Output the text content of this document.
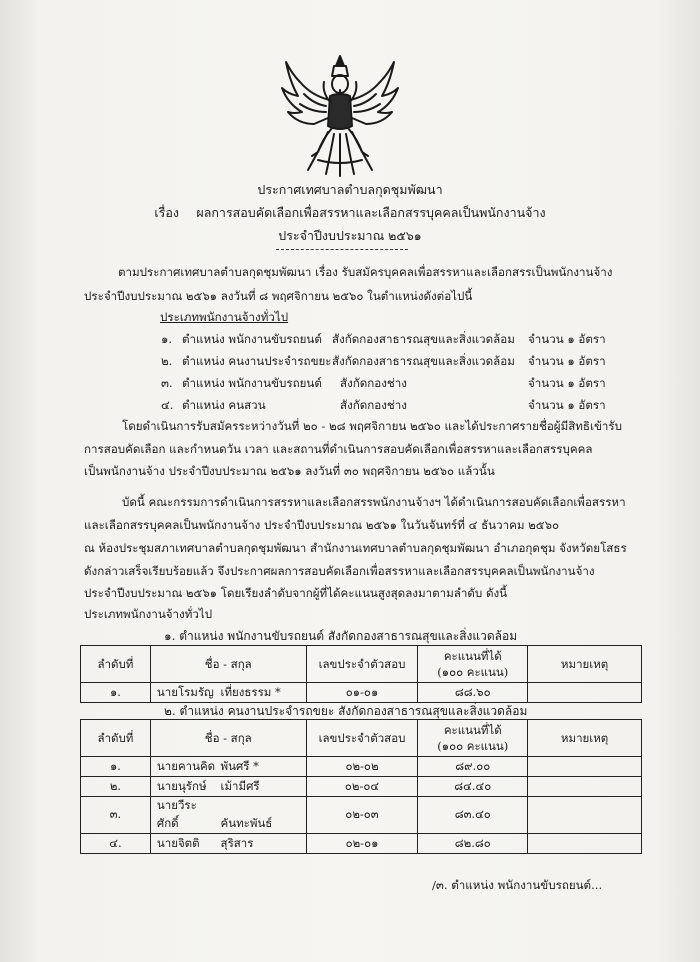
ประกาศเทศบาลตำบลกุดชุมพัฒนา
เรื่อง ผลการสอบคัดเลือกเพื่อสรรหาและเลือกสรรบุคคลเป็นพนักงานจ้าง
ประจำปีงบประมาณ ๒๕๖๑
ตามประกาศเทศบาลตำบลกุดชุมพัฒนา เรื่อง รับสมัครบุคคลเพื่อสรรหาและเลือกสรรเป็นพนักงานจ้าง
ประจำปีงบประมาณ ๒๕๖๑ ลงวันที่ ๘ พฤศจิกายน ๒๕๖๐ ในตำแหน่งดังต่อไปนี้
ประเภทพนักงานจ้างทั่วไป
๑. ตำแหน่ง พนักงานขับรถยนต์ สังกัดกองสาธารณสุขและสิ่งแวดล้อม จำนวน ๑ อัตรา
๒. ตำแหน่ง คนงานประจำรถขยะ สังกัดกองสาธารณสุขและสิ่งแวดล้อม จำนวน ๑ อัตรา
๓. ตำแหน่ง พนักงานขับรถยนต์ สังกัดกองช่าง	จำนวน ๑ อัตรา
๔. ตำแหน่ง คนสวน	สังกัดกองช่าง	จำนวน ๑ อัตรา
โดยดำเนินการรับสมัครระหว่างวันที่ ๒๐ - ๒๘ พฤศจิกายน ๒๕๖๐ และได้ประกาศรายชื่อผู้มีสิทธิเข้ารับ
การสอบคัดเลือก และกำหนดวัน เวลา และสถานที่ดำเนินการสอบคัดเลือกเพื่อสรรหาและเลือกสรรบุคคล
เป็นพนักงานจ้าง ประจำปีงบประมาณ ๒๕๖๑ ลงวันที่ ๓๐ พฤศจิกายน ๒๕๖๐ แล้วนั้น
บัดนี้ คณะกรรมการดำเนินการสรรหาและเลือกสรรพนักงานจ้างฯ ได้ดำเนินการสอบคัดเลือกเพื่อสรรหา
และเลือกสรรบุคคลเป็นพนักงานจ้าง ประจำปีงบประมาณ ๒๕๖๑ ในวันจันทร์ที่ ๔ ธันวาคม ๒๕๖๐
ณ ห้องประชุมสภาเทศบาลตำบลกุดชุมพัฒนา สำนักงานเทศบาลตำบลกุดชุมพัฒนา อำเภอกุดชุม จังหวัดยโสธร
ดังกล่าวเสร็จเรียบร้อยแล้ว จึงประกาศผลการสอบคัดเลือกเพื่อสรรหาและเลือกสรรบุคคลเป็นพนักงานจ้าง
ประจำปีงบประมาณ ๒๕๖๑ โดยเรียงลำดับจากผู้ที่ได้คะแนนสูงสุดลงมาตามลำดับ ดังนี้
ประเภทพนักงานจ้างทั่วไป
๑. ตำแหน่ง พนักงานขับรถยนต์ สังกัดกองสาธารณสุขและสิ่งแวดล้อม
ลำดับที่	ชื่อ - สกุล	เลขประจำตัวสอบ	คะแนนที่ได้
(๑๐๐ คะแนน)	หมายเหตุ
๑.	นายโรมรัญ เที่ยงธรรม *	๐๑-๐๑	๘๘.๖๐	
๒. ตำแหน่ง คนงานประจำรถขยะ สังกัดกองสาธารณสุขและสิ่งแวดล้อม
ลำดับที่	ชื่อ - สกุล	เลขประจำตัวสอบ	คะแนนที่ได้
(๑๐๐ คะแนน)	หมายเหตุ
๑.	นายคานคิด พันศรี *	๐๒-๐๒	๘๙.๐๐	
๒.	นายนุรักษ์ เม้ามีศรี	๐๒-๐๔	๘๔.๔๐	
๓.	นายวีระศักดิ์ คันทะพันธ์	๐๒-๐๓	๘๓.๔๐	
๔.	นายจิตติ สุริสาร	๐๒-๐๑	๘๒.๘๐	
/๓. ตำแหน่ง พนักงานขับรถยนต์...
